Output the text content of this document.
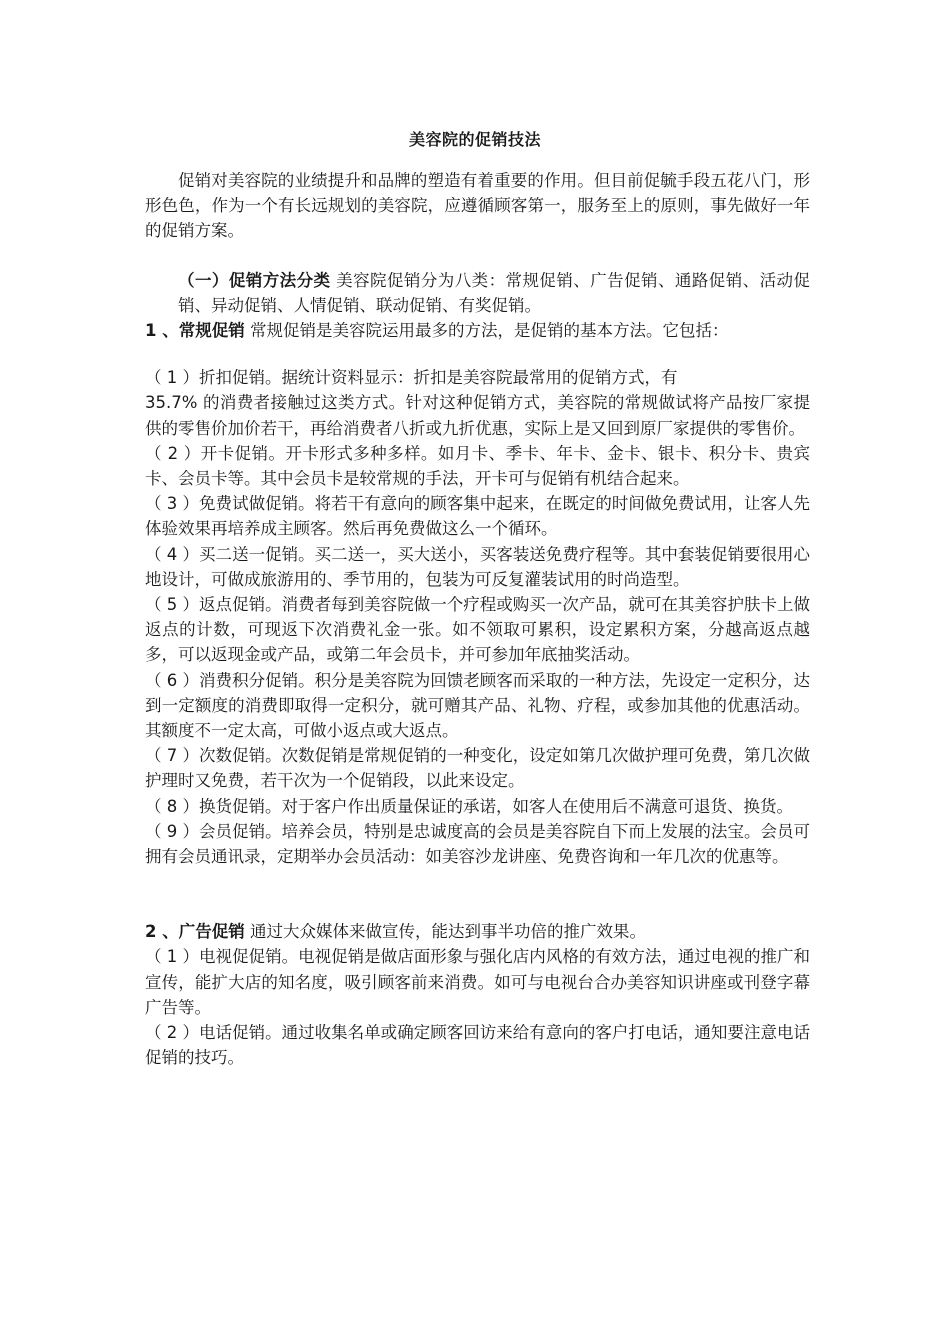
美容院的促销技法

促销对美容院的业绩提升和品牌的塑造有着重要的作用。但目前促毓手段五花八门，形形色色，作为一个有长远规划的美容院，应遵循顾客第一，服务至上的原则，事先做好一年的促销方案。

（一）促销方法分类 美容院促销分为八类：常规促销、广告促销、通路促销、活动促销、异动促销、人情促销、联动促销、有奖促销。

1 、常规促销 常规促销是美容院运用最多的方法，是促销的基本方法。它包括：

（ 1 ）折扣促销。据统计资料显示：折扣是美容院最常用的促销方式，有
35.7% 的消费者接触过这类方式。针对这种促销方式，美容院的常规做试将产品按厂家提供的零售价加价若干，再给消费者八折或九折优惠，实际上是又回到原厂家提供的零售价。

（ 2 ）开卡促销。开卡形式多种多样。如月卡、季卡、年卡、金卡、银卡、积分卡、贵宾卡、会员卡等。其中会员卡是较常规的手法，开卡可与促销有机结合起来。

（ 3 ）免费试做促销。将若干有意向的顾客集中起来，在既定的时间做免费试用，让客人先体验效果再培养成主顾客。然后再免费做这么一个循环。

（ 4 ）买二送一促销。买二送一，买大送小，买客装送免费疗程等。其中套装促销要很用心地设计，可做成旅游用的、季节用的，包装为可反复灌装试用的时尚造型。

（ 5 ）返点促销。消费者每到美容院做一个疗程或购买一次产品，就可在其美容护肤卡上做返点的计数，可现返下次消费礼金一张。如不领取可累积，设定累积方案，分越高返点越多，可以返现金或产品，或第二年会员卡，并可参加年底抽奖活动。

（ 6 ）消费积分促销。积分是美容院为回馈老顾客而采取的一种方法，先设定一定积分，达到一定额度的消费即取得一定积分，就可赠其产品、礼物、疗程，或参加其他的优惠活动。其额度不一定太高，可做小返点或大返点。

（ 7 ）次数促销。次数促销是常规促销的一种变化，设定如第几次做护理可免费，第几次做护理时又免费，若干次为一个促销段，以此来设定。

（ 8 ）换货促销。对于客户作出质量保证的承诺，如客人在使用后不满意可退货、换货。

（ 9 ）会员促销。培养会员，特别是忠诚度高的会员是美容院自下而上发展的法宝。会员可拥有会员通讯录，定期举办会员活动：如美容沙龙讲座、免费咨询和一年几次的优惠等。

2 、广告促销 通过大众媒体来做宣传，能达到事半功倍的推广效果。

（ 1 ）电视促促销。电视促销是做店面形象与强化店内风格的有效方法，通过电视的推广和宣传，能扩大店的知名度，吸引顾客前来消费。如可与电视台合办美容知识讲座或刊登字幕广告等。

（ 2 ）电话促销。通过收集名单或确定顾客回访来给有意向的客户打电话，通知要注意电话促销的技巧。
